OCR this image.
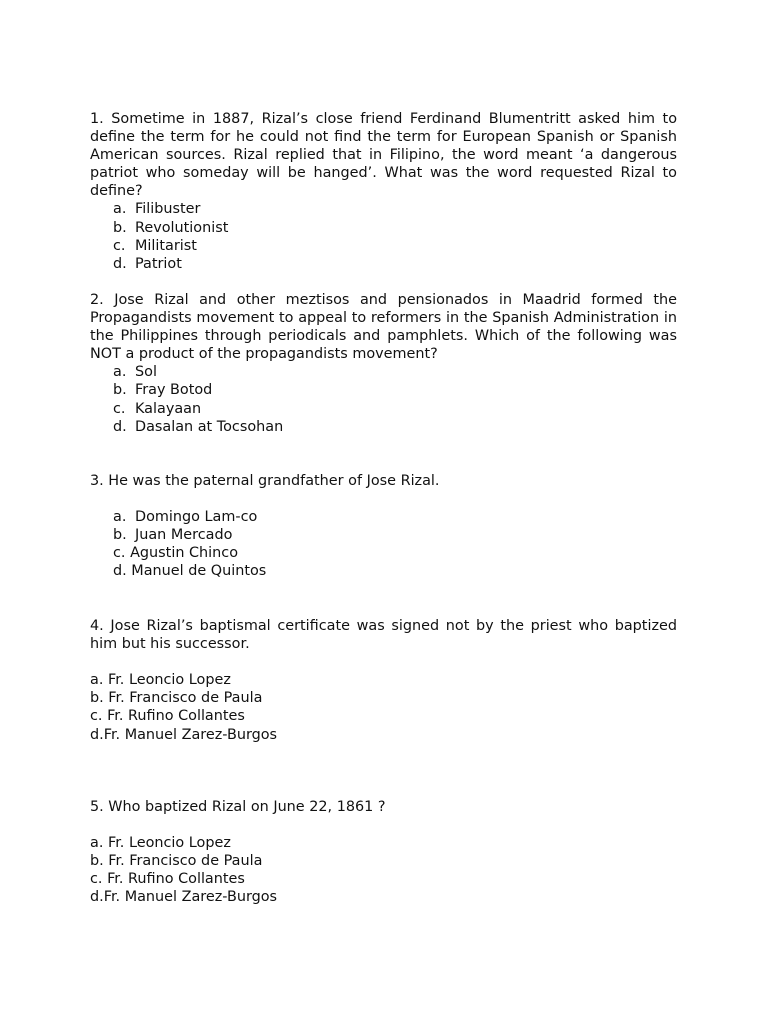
1. Sometime in 1887, Rizal’s close friend Ferdinand Blumentritt asked him to define the term for he could not find the term for European Spanish or Spanish American sources. Rizal replied that in Filipino, the word meant ‘a dangerous patriot who someday will be hanged’. What was the word requested Rizal to define?

a. Filibuster
b. Revolutionist
c. Militarist
d. Patriot

2. Jose Rizal and other meztisos and pensionados in Maadrid formed the Propagandists movement to appeal to reformers in the Spanish Administration in the Philippines through periodicals and pamphlets. Which of the following was NOT a product of the propagandists movement?

a. Sol
b. Fray Botod
c. Kalayaan
d. Dasalan at Tocsohan

3. He was the paternal grandfather of Jose Rizal.

a. Domingo Lam-co
b. Juan Mercado
c. Agustin Chinco
d. Manuel de Quintos

4. Jose Rizal’s baptismal certificate was signed not by the priest who baptized him but his successor.

a. Fr. Leoncio Lopez
b. Fr. Francisco de Paula
c. Fr. Rufino Collantes
d.Fr. Manuel Zarez-Burgos

5. Who baptized Rizal on June 22, 1861 ?

a. Fr. Leoncio Lopez
b. Fr. Francisco de Paula
c. Fr. Rufino Collantes
d.Fr. Manuel Zarez-Burgos
